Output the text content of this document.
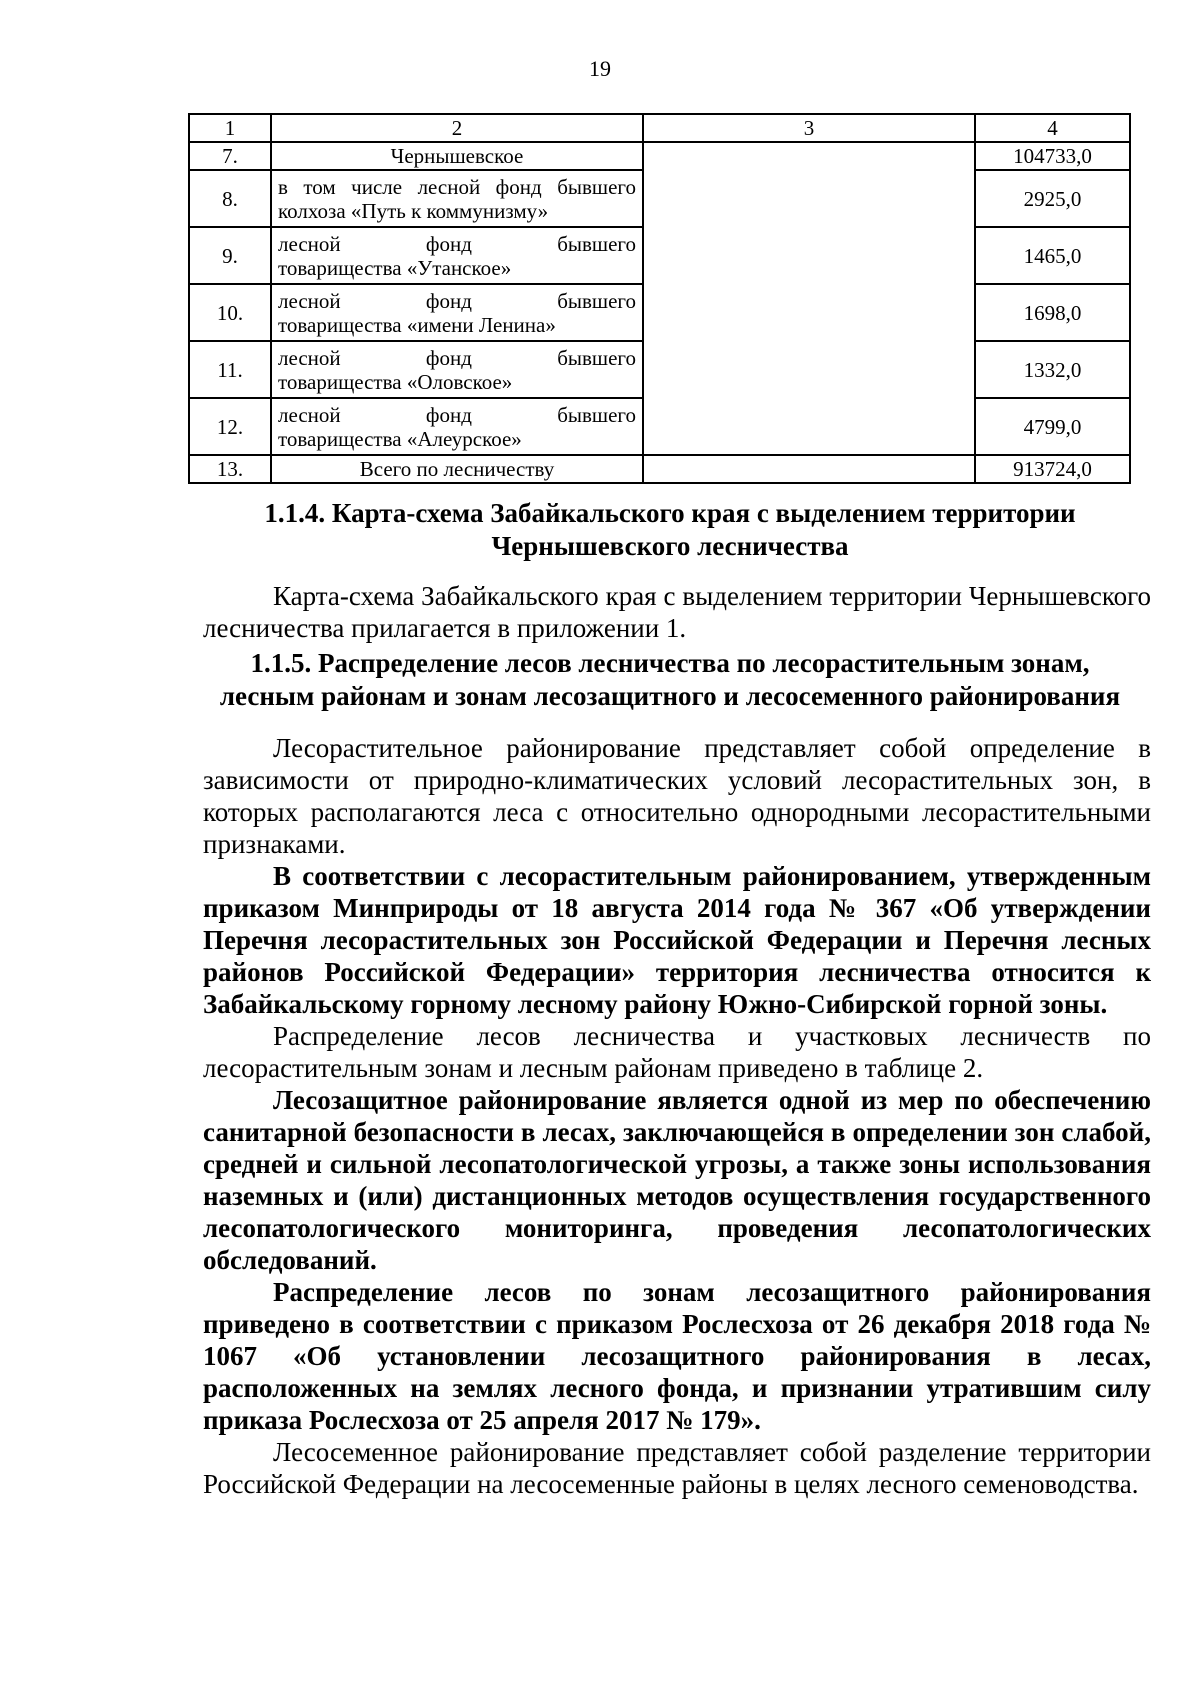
19
1	2	3	4
7.	Чернышевское		104733,0
8.	в том числе лесной фонд бывшего
колхоза «Путь к коммунизму»		2925,0
9.	лесной фонд бывшего
товарищества «Утанское»		1465,0
10.	лесной фонд бывшего
товарищества «имени Ленина»		1698,0
11.	лесной фонд бывшего
товарищества «Оловское»		1332,0
12.	лесной фонд бывшего
товарищества «Алеурское»		4799,0
13.	Всего по лесничеству		913724,0
1.1.4. Карта-схема Забайкальского края с выделением территории
Чернышевского лесничества

Карта-схема Забайкальского края с выделением территории Чернышевского лесничества прилагается в приложении 1.

1.1.5. Распределение лесов лесничества по лесорастительным зонам,
лесным районам и зонам лесозащитного и лесосеменного районирования

Лесорастительное районирование представляет собой определение в зависимости от природно-климатических условий лесорастительных зон, в которых располагаются леса с относительно однородными лесорастительными признаками.

В соответствии с лесорастительным районированием, утвержденным приказом Минприроды от 18 августа 2014 года № 367 «Об утверждении Перечня лесорастительных зон Российской Федерации и Перечня лесных районов Российской Федерации» территория лесничества относится к Забайкальскому горному лесному району Южно-Сибирской горной зоны.

Распределение лесов лесничества и участковых лесничеств по лесорастительным зонам и лесным районам приведено в таблице 2.

Лесозащитное районирование является одной из мер по обеспечению санитарной безопасности в лесах, заключающейся в определении зон слабой, средней и сильной лесопатологической угрозы, а также зоны использования наземных и (или) дистанционных методов осуществления государственного лесопатологического мониторинга, проведения лесопатологических обследований.

Распределение лесов по зонам лесозащитного районирования приведено в соответствии с приказом Рослесхоза от 26 декабря 2018 года № 1067 «Об установлении лесозащитного районирования в лесах, расположенных на землях лесного фонда, и признании утратившим силу приказа Рослесхоза от 25 апреля 2017 № 179».

Лесосеменное районирование представляет собой разделение территории Российской Федерации на лесосеменные районы в целях лесного семеноводства.
